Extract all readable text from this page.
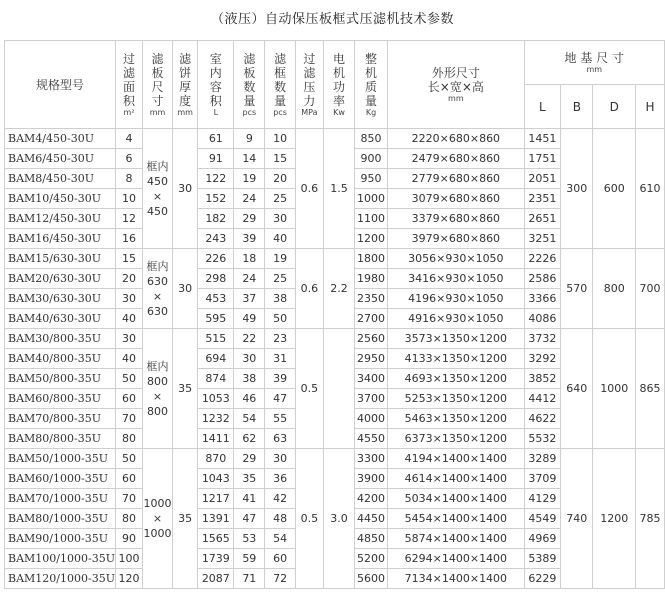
（液压）自动保压板框式压滤机技术参数
规格型号	过
滤
面
积
m²	滤
板
尺
寸
mm	滤
饼
厚
度
mm	室
内
容
积
L	滤
板
数
量
pcs	滤
框
数
量
pcs	过
滤
压
力
MPa	电
机
功
率
Kw	整
机
质
量
Kg	外形尺寸
长×宽×高
mm	地 基 尺 寸
mm			

											L	B	D	H
BAM4/450-30U	4	框内
450
×
450	30	61	9	10	0.6	1.5	850	2220×680×860	1451	300	600	610
BAM6/450-30U	6			91	14	15			900	2479×680×860	1751			
BAM8/450-30U	8			122	19	20			950	2779×680×860	2051			
BAM10/450-30U	10			152	24	25			1000	3079×680×860	2351			
BAM12/450-30U	12			182	29	30			1100	3379×680×860	2651			
BAM16/450-30U	16			243	39	40			1200	3979×680×860	3251			
BAM15/630-30U	15	框内
630
×
630	30	226	18	19	0.6	2.2	1800	3056×930×1050	2226	570	800	700
BAM20/630-30U	20			298	24	25			1980	3416×930×1050	2586			
BAM30/630-30U	30			453	37	38			2350	4196×930×1050	3366			
BAM40/630-30U	40			595	49	50			2700	4916×930×1050	4086			
BAM30/800-35U	30	框内
800
×
800	35	515	22	23	0.5		2560	3573×1350×1200	3732	640	1000	865
BAM40/800-35U	40			694	30	31			2950	4133×1350×1200	3292			
BAM50/800-35U	50			874	38	39			3400	4693×1350×1200	3852			
BAM60/800-35U	60			1053	46	47			3700	5253×1350×1200	4412			
BAM70/800-35U	70			1232	54	55			4000	5463×1350×1200	4622			
BAM80/800-35U	80			1411	62	63			4550	6373×1350×1200	5532			
BAM50/1000-35U	50	1000
×
1000	35	870	29	30	0.5	3.0	3300	4194×1400×1400	3289	740	1200	785
BAM60/1000-35U	60			1043	35	36			3900	4614×1400×1400	3709			
BAM70/1000-35U	70			1217	41	42			4200	5034×1400×1400	4129			
BAM80/1000-35U	80			1391	47	48			4450	5454×1400×1400	4549			
BAM90/1000-35U	90			1565	53	54			4850	5874×1400×1400	4969			
BAM100/1000-35U	100			1739	59	60			5200	6294×1400×1400	5389			
BAM120/1000-35U	120			2087	71	72			5600	7134×1400×1400	6229			
